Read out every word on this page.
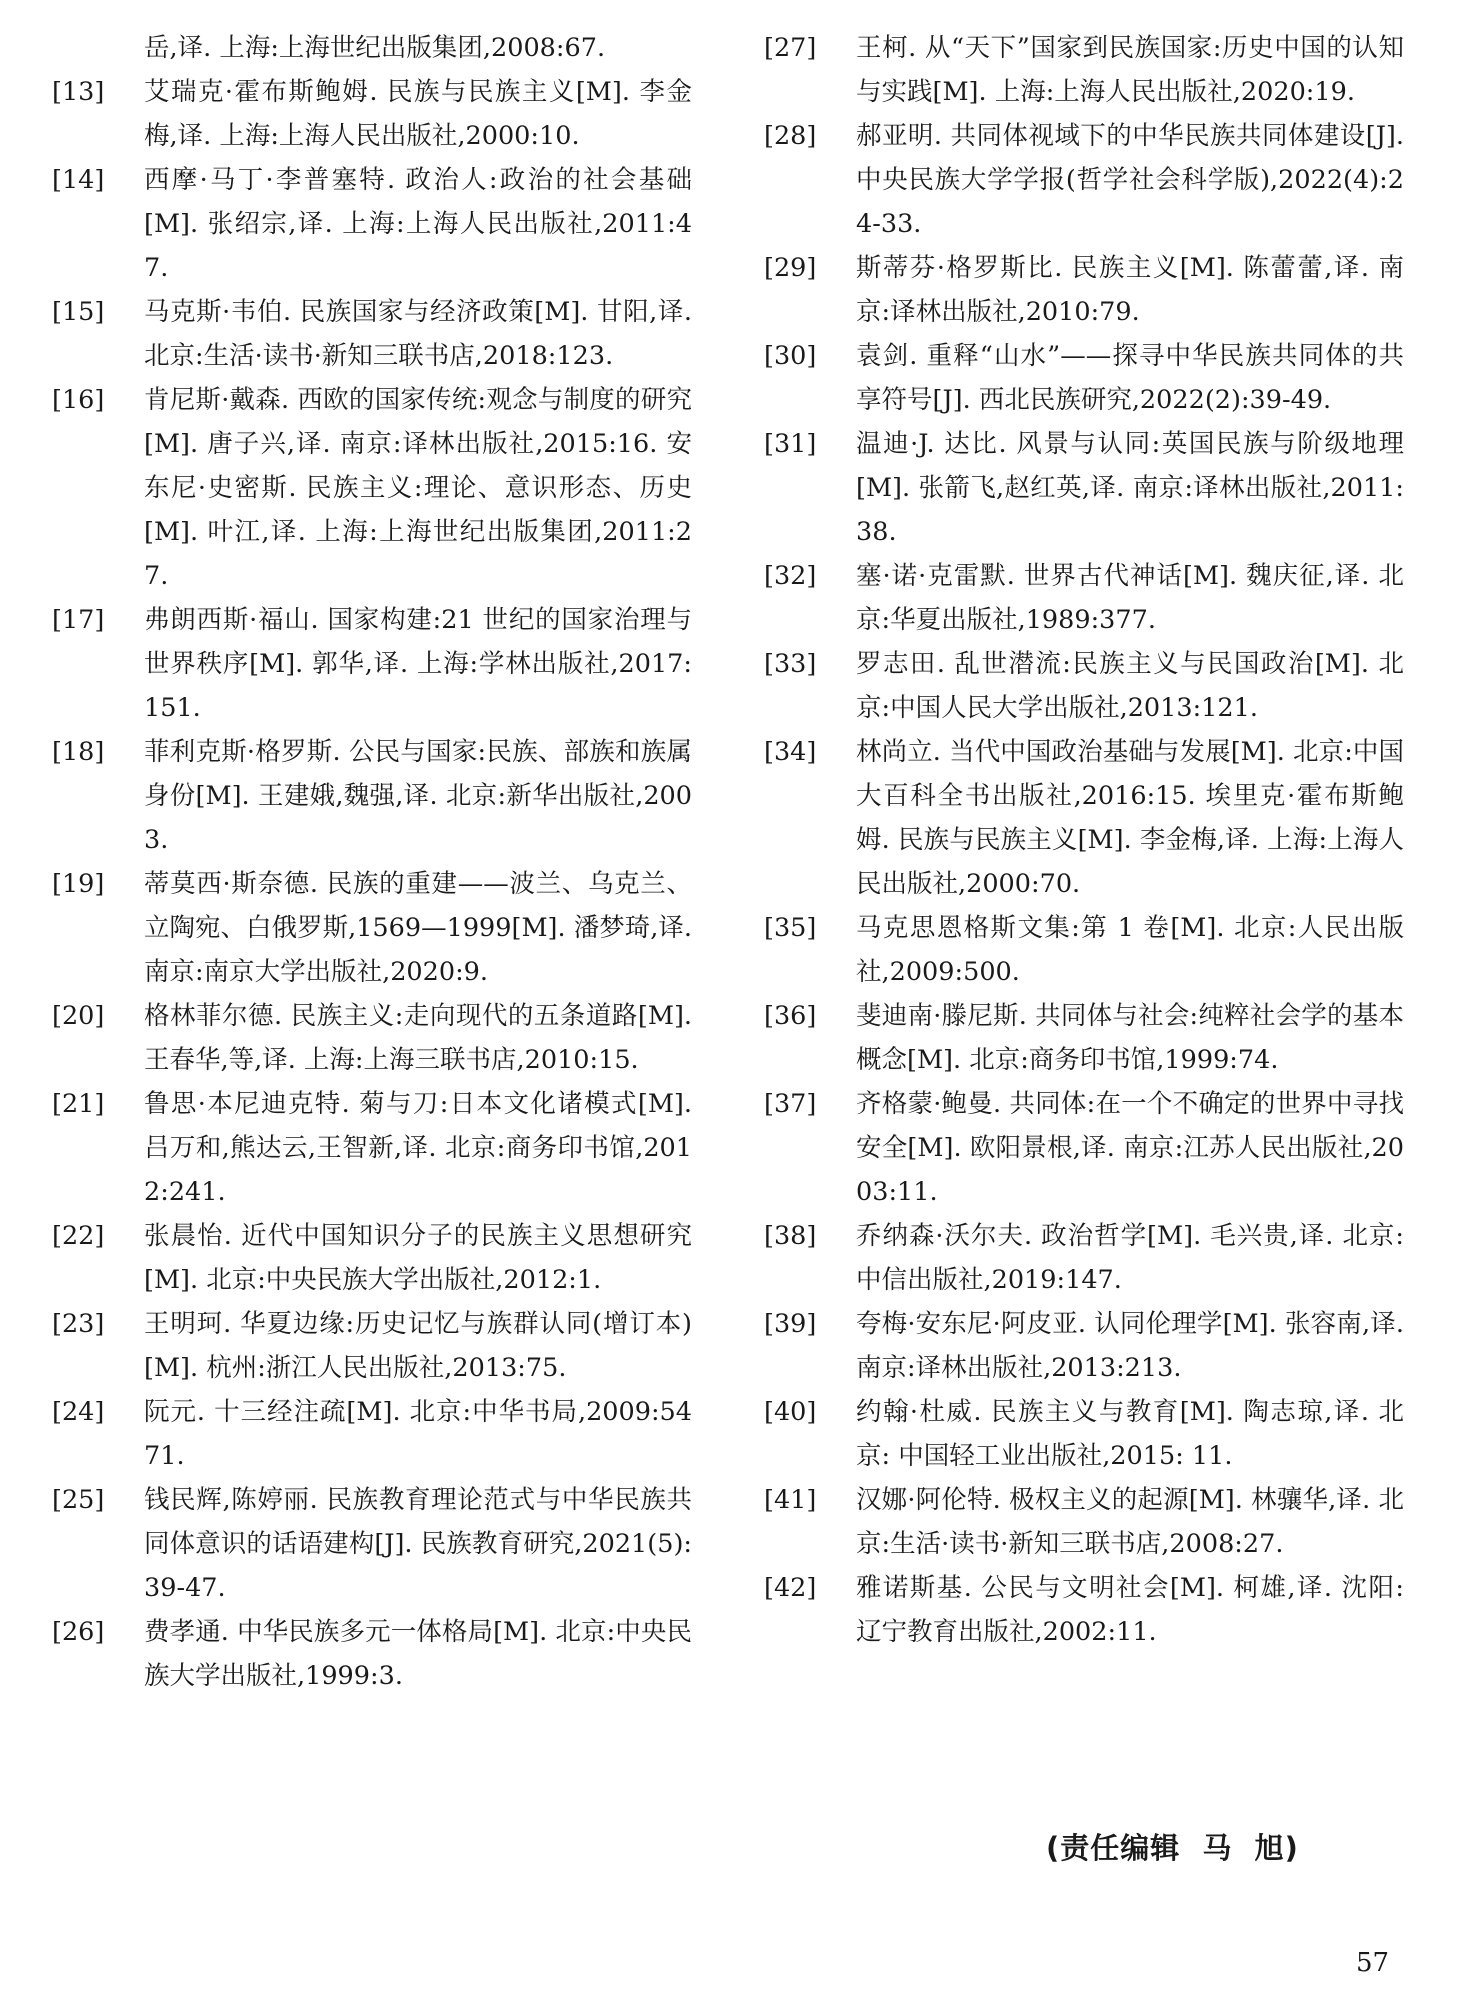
岳,译. 上海:上海世纪出版集团,2008:67.
[13]	艾瑞克·霍布斯鲍姆. 民族与民族主义[M]. 李金梅,译. 上海:上海人民出版社,2000:10.
[14]	西摩·马丁·李普塞特. 政治人:政治的社会基础[M]. 张绍宗,译. 上海:上海人民出版社,2011:47.
[15]	马克斯·韦伯. 民族国家与经济政策[M]. 甘阳,译. 北京:生活·读书·新知三联书店,2018:123.
[16]	肯尼斯·戴森. 西欧的国家传统:观念与制度的研究[M]. 唐子兴,译. 南京:译林出版社,2015:16. 安东尼·史密斯. 民族主义:理论、意识形态、历史[M]. 叶江,译. 上海:上海世纪出版集团,2011:27.
[17]	弗朗西斯·福山. 国家构建:21 世纪的国家治理与世界秩序[M]. 郭华,译. 上海:学林出版社,2017:151.
[18]	菲利克斯·格罗斯. 公民与国家:民族、部族和族属身份[M]. 王建娥,魏强,译. 北京:新华出版社,2003.
[19]	蒂莫西·斯奈德. 民族的重建——波兰、乌克兰、立陶宛、白俄罗斯,1569—1999[M]. 潘梦琦,译. 南京:南京大学出版社,2020:9.
[20]	格林菲尔德. 民族主义:走向现代的五条道路[M]. 王春华,等,译. 上海:上海三联书店,2010:15.
[21]	鲁思·本尼迪克特. 菊与刀:日本文化诸模式[M]. 吕万和,熊达云,王智新,译. 北京:商务印书馆,2012:241.
[22]	张晨怡. 近代中国知识分子的民族主义思想研究[M]. 北京:中央民族大学出版社,2012:1.
[23]	王明珂. 华夏边缘:历史记忆与族群认同(增订本)[M]. 杭州:浙江人民出版社,2013:75.
[24]	阮元. 十三经注疏[M]. 北京:中华书局,2009:5471.
[25]	钱民辉,陈婷丽. 民族教育理论范式与中华民族共同体意识的话语建构[J]. 民族教育研究,2021(5):39-47.
[26]	费孝通. 中华民族多元一体格局[M]. 北京:中央民族大学出版社,1999:3.
[27]	王柯. 从“天下”国家到民族国家:历史中国的认知与实践[M]. 上海:上海人民出版社,2020:19.
[28]	郝亚明. 共同体视域下的中华民族共同体建设[J]. 中央民族大学学报(哲学社会科学版),2022(4):24-33.
[29]	斯蒂芬·格罗斯比. 民族主义[M]. 陈蕾蕾,译. 南京:译林出版社,2010:79.
[30]	袁剑. 重释“山水”——探寻中华民族共同体的共享符号[J]. 西北民族研究,2022(2):39-49.
[31]	温迪·J. 达比. 风景与认同:英国民族与阶级地理[M]. 张箭飞,赵红英,译. 南京:译林出版社,2011:38.
[32]	塞·诺·克雷默. 世界古代神话[M]. 魏庆征,译. 北京:华夏出版社,1989:377.
[33]	罗志田. 乱世潜流:民族主义与民国政治[M]. 北京:中国人民大学出版社,2013:121.
[34]	林尚立. 当代中国政治基础与发展[M]. 北京:中国大百科全书出版社,2016:15. 埃里克·霍布斯鲍姆. 民族与民族主义[M]. 李金梅,译. 上海:上海人民出版社,2000:70.
[35]	马克思恩格斯文集:第 1 卷[M]. 北京:人民出版社,2009:500.
[36]	斐迪南·滕尼斯. 共同体与社会:纯粹社会学的基本概念[M]. 北京:商务印书馆,1999:74.
[37]	齐格蒙·鲍曼. 共同体:在一个不确定的世界中寻找安全[M]. 欧阳景根,译. 南京:江苏人民出版社,2003:11.
[38]	乔纳森·沃尔夫. 政治哲学[M]. 毛兴贵,译. 北京:中信出版社,2019:147.
[39]	夸梅·安东尼·阿皮亚. 认同伦理学[M]. 张容南,译. 南京:译林出版社,2013:213.
[40]	约翰·杜威. 民族主义与教育[M]. 陶志琼,译. 北京: 中国轻工业出版社,2015: 11.
[41]	汉娜·阿伦特. 极权主义的起源[M]. 林骧华,译. 北京:生活·读书·新知三联书店,2008:27.
[42]	雅诺斯基. 公民与文明社会[M]. 柯雄,译. 沈阳: 辽宁教育出版社,2002:11.
(责任编辑  马  旭)
57
